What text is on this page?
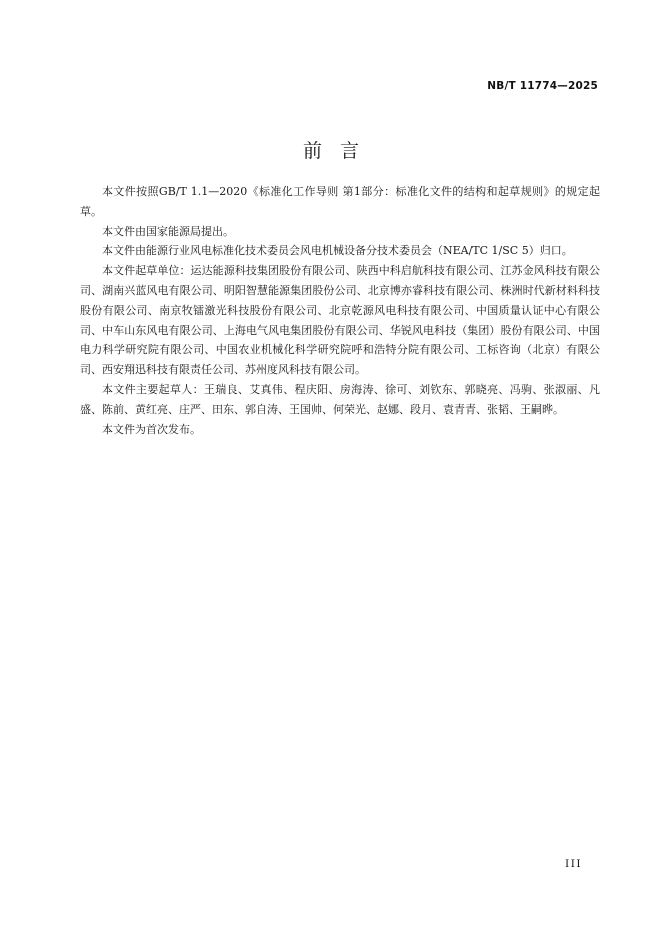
NB/T 11774—2025
前言

本文件按照GB/T 1.1—2020《标准化工作导则 第1部分：标准化文件的结构和起草规则》的规定起草。

本文件由国家能源局提出。

本文件由能源行业风电标准化技术委员会风电机械设备分技术委员会（NEA/TC 1/SC 5）归口。

本文件起草单位：运达能源科技集团股份有限公司、陕西中科启航科技有限公司、江苏金风科技有限公司、湖南兴蓝风电有限公司、明阳智慧能源集团股份公司、北京博亦睿科技有限公司、株洲时代新材料科技股份有限公司、南京牧镭激光科技股份有限公司、北京乾源风电科技有限公司、中国质量认证中心有限公司、中车山东风电有限公司、上海电气风电集团股份有限公司、华锐风电科技（集团）股份有限公司、中国电力科学研究院有限公司、中国农业机械化科学研究院呼和浩特分院有限公司、工标咨询（北京）有限公司、西安翔迅科技有限责任公司、苏州度风科技有限公司。

本文件主要起草人：王瑞良、艾真伟、程庆阳、房海涛、徐可、刘钦东、郭晓亮、冯驹、张淑丽、凡盛、陈前、黄红亮、庄严、田东、郭自涛、王国帅、何荣光、赵娜、段月、袁青青、张韬、王嗣晔。

本文件为首次发布。

III
